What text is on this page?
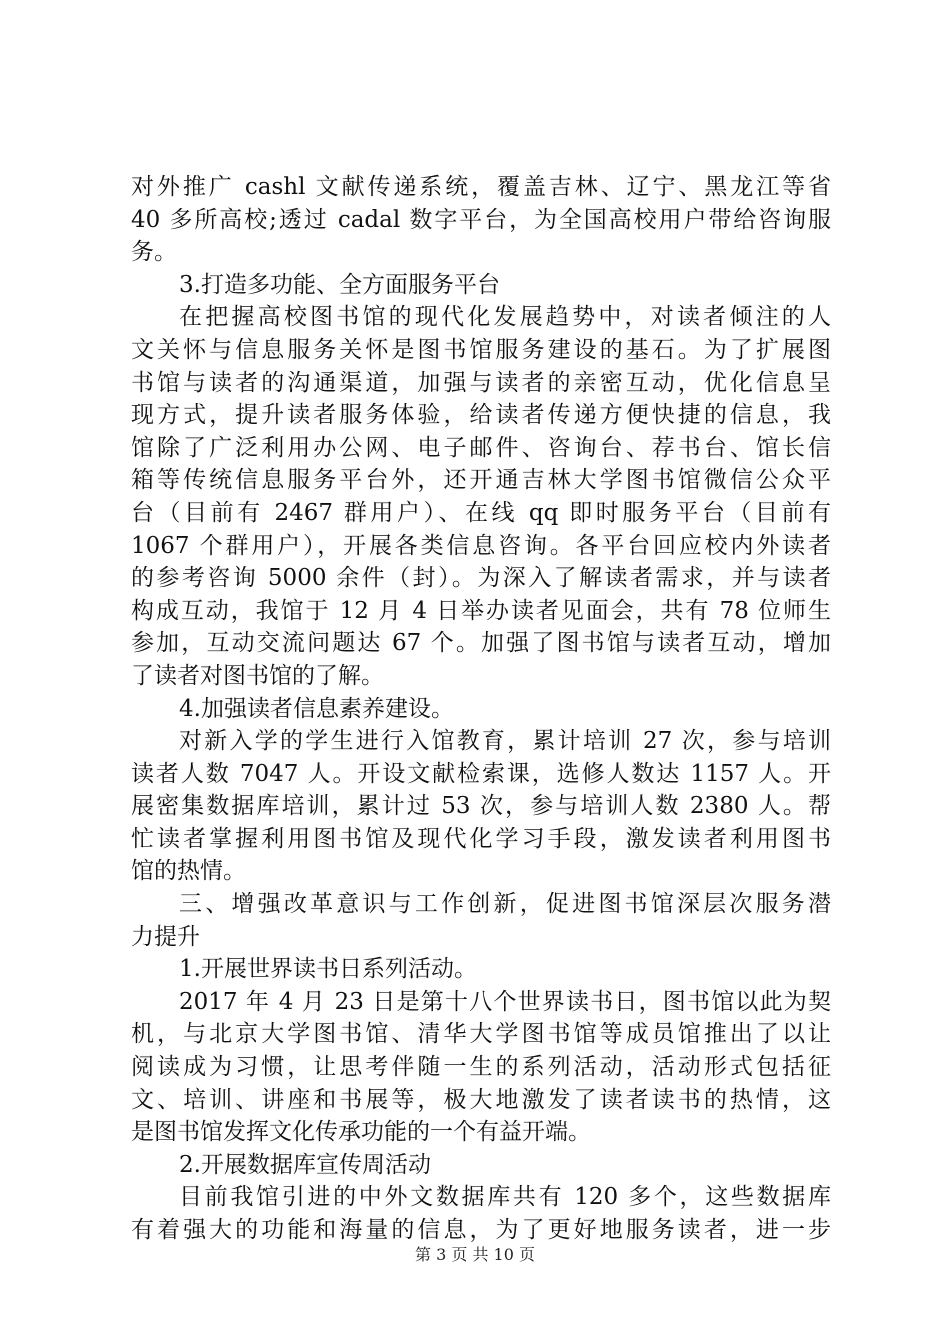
对外推广 cashl 文献传递系统，覆盖吉林、辽宁、黑龙江等省
40 多所高校;透过 cadal 数字平台，为全国高校用户带给咨询服
务。
3.打造多功能、全方面服务平台
在把握高校图书馆的现代化发展趋势中，对读者倾注的人
文关怀与信息服务关怀是图书馆服务建设的基石。为了扩展图
书馆与读者的沟通渠道，加强与读者的亲密互动，优化信息呈
现方式，提升读者服务体验，给读者传递方便快捷的信息，我
馆除了广泛利用办公网、电子邮件、咨询台、荐书台、馆长信
箱等传统信息服务平台外，还开通吉林大学图书馆微信公众平
台（目前有 2467 群用户）、在线 qq 即时服务平台（目前有
1067 个群用户），开展各类信息咨询。各平台回应校内外读者
的参考咨询 5000 余件（封）。为深入了解读者需求，并与读者
构成互动，我馆于 12 月 4 日举办读者见面会，共有 78 位师生
参加，互动交流问题达 67 个。加强了图书馆与读者互动，增加
了读者对图书馆的了解。
4.加强读者信息素养建设。
对新入学的学生进行入馆教育，累计培训 27 次，参与培训
读者人数 7047 人。开设文献检索课，选修人数达 1157 人。开
展密集数据库培训，累计过 53 次，参与培训人数 2380 人。帮
忙读者掌握利用图书馆及现代化学习手段，激发读者利用图书
馆的热情。
三、增强改革意识与工作创新，促进图书馆深层次服务潜
力提升
1.开展世界读书日系列活动。
2017 年 4 月 23 日是第十八个世界读书日，图书馆以此为契
机，与北京大学图书馆、清华大学图书馆等成员馆推出了以让
阅读成为习惯，让思考伴随一生的系列活动，活动形式包括征
文、培训、讲座和书展等，极大地激发了读者读书的热情，这
是图书馆发挥文化传承功能的一个有益开端。
2.开展数据库宣传周活动
目前我馆引进的中外文数据库共有 120 多个，这些数据库
有着强大的功能和海量的信息，为了更好地服务读者，进一步
第 3 页 共 10 页
